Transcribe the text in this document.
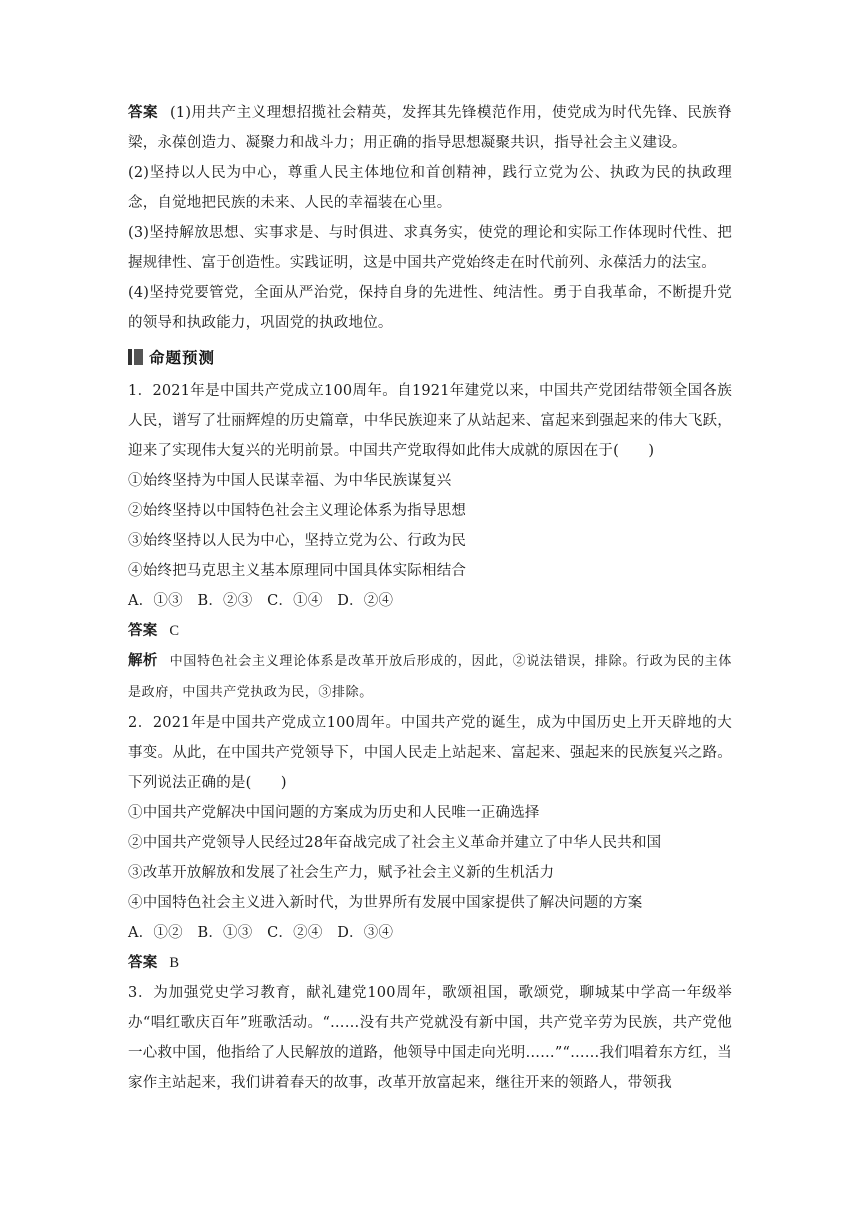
答案 (1)用共产主义理想招揽社会精英，发挥其先锋模范作用，使党成为时代先锋、民族脊梁，永葆创造力、凝聚力和战斗力；用正确的指导思想凝聚共识，指导社会主义建设。

(2)坚持以人民为中心，尊重人民主体地位和首创精神，践行立党为公、执政为民的执政理念，自觉地把民族的未来、人民的幸福装在心里。

(3)坚持解放思想、实事求是、与时俱进、求真务实，使党的理论和实际工作体现时代性、把握规律性、富于创造性。实践证明，这是中国共产党始终走在时代前列、永葆活力的法宝。

(4)坚持党要管党，全面从严治党，保持自身的先进性、纯洁性。勇于自我革命，不断提升党的领导和执政能力，巩固党的执政地位。

命题预测

1．2021年是中国共产党成立100周年。自1921年建党以来，中国共产党团结带领全国各族人民，谱写了壮丽辉煌的历史篇章，中华民族迎来了从站起来、富起来到强起来的伟大飞跃，迎来了实现伟大复兴的光明前景。中国共产党取得如此伟大成就的原因在于(　　)

①始终坚持为中国人民谋幸福、为中华民族谋复兴

②始终坚持以中国特色社会主义理论体系为指导思想

③始终坚持以人民为中心，坚持立党为公、行政为民

④始终把马克思主义基本原理同中国具体实际相结合

A．①③　B．②③　C．①④　D．②④

答案 C

解析 中国特色社会主义理论体系是改革开放后形成的，因此，②说法错误，排除。行政为民的主体是政府，中国共产党执政为民，③排除。

2．2021年是中国共产党成立100周年。中国共产党的诞生，成为中国历史上开天辟地的大事变。从此，在中国共产党领导下，中国人民走上站起来、富起来、强起来的民族复兴之路。下列说法正确的是(　　)

①中国共产党解决中国问题的方案成为历史和人民唯一正确选择

②中国共产党领导人民经过28年奋战完成了社会主义革命并建立了中华人民共和国

③改革开放解放和发展了社会生产力，赋予社会主义新的生机活力

④中国特色社会主义进入新时代，为世界所有发展中国家提供了解决问题的方案

A．①②　B．①③　C．②④　D．③④

答案 B

3．为加强党史学习教育，献礼建党100周年，歌颂祖国，歌颂党，聊城某中学高一年级举办“唱红歌庆百年”班歌活动。“……没有共产党就没有新中国，共产党辛劳为民族，共产党他一心救中国，他指给了人民解放的道路，他领导中国走向光明……”“……我们唱着东方红，当家作主站起来，我们讲着春天的故事，改革开放富起来，继往开来的领路人，带领我
